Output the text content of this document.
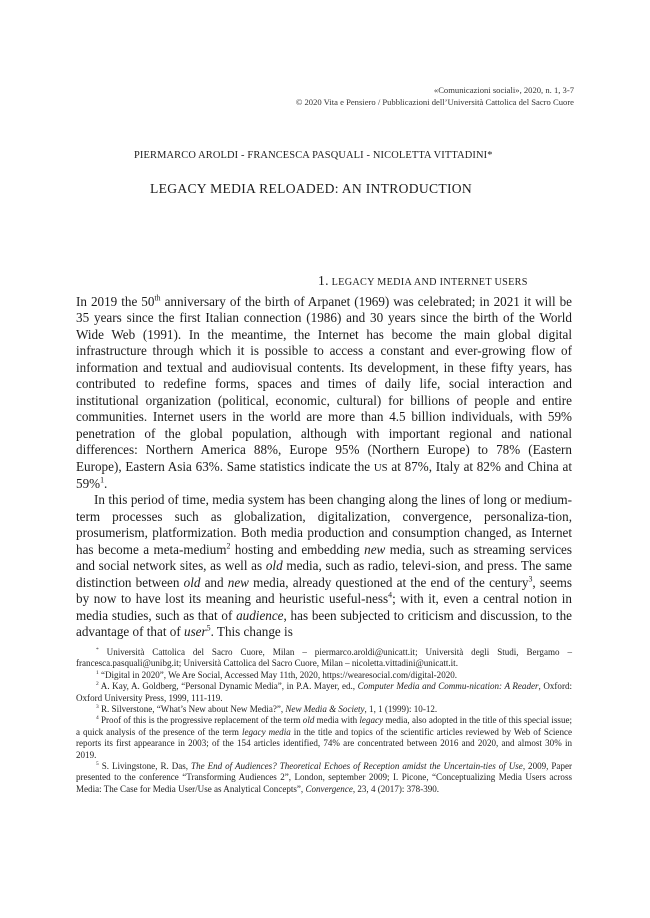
«Comunicazioni sociali», 2020, n. 1, 3-7
© 2020 Vita e Pensiero / Pubblicazioni dell’Università Cattolica del Sacro Cuore
PIERMARCO AROLDI - FRANCESCA PASQUALI - NICOLETTA VITTADINI*
LEGACY MEDIA RELOADED: AN INTRODUCTION
1. LEGACY MEDIA AND INTERNET USERS

In 2019 the 50th anniversary of the birth of Arpanet (1969) was celebrated; in 2021 it will be 35 years since the first Italian connection (1986) and 30 years since the birth of the World Wide Web (1991). In the meantime, the Internet has become the main global digital infrastructure through which it is possible to access a constant and ever-growing flow of information and textual and audiovisual contents. Its development, in these fifty years, has contributed to redefine forms, spaces and times of daily life, social interaction and institutional organization (political, economic, cultural) for billions of people and entire communities. Internet users in the world are more than 4.5 billion individuals, with 59% penetration of the global population, although with important regional and national differences: Northern America 88%, Europe 95% (Northern Europe) to 78% (Eastern Europe), Eastern Asia 63%. Same statistics indicate the US at 87%, Italy at 82% and China at 59%$^1$.

In this period of time, media system has been changing along the lines of long or medium-term processes such as globalization, digitalization, convergence, personaliza-tion, prosumerism, platformization. Both media production and consumption changed, as Internet has become a meta-medium$^2$ hosting and embedding new media, such as streaming services and social network sites, as well as old media, such as radio, televi-sion, and press. The same distinction between old and new media, already questioned at the end of the century$^3$, seems by now to have lost its meaning and heuristic useful-ness$^4$; with it, even a central notion in media studies, such as that of audience, has been subjected to criticism and discussion, to the advantage of that of user$^5$. This change is

* Università Cattolica del Sacro Cuore, Milan – piermarco.aroldi@unicatt.it; Università degli Studi, Bergamo – francesca.pasquali@unibg.it; Università Cattolica del Sacro Cuore, Milan – nicoletta.vittadini@unicatt.it.

$^1$ “Digital in 2020”, We Are Social, Accessed May 11th, 2020, https://wearesocial.com/digital-2020.

$^2$ A. Kay, A. Goldberg, “Personal Dynamic Media”, in P.A. Mayer, ed., Computer Media and Commu-nication: A Reader, Oxford: Oxford University Press, 1999, 111-119.

$^3$ R. Silverstone, “What’s New about New Media?”, New Media & Society, 1, 1 (1999): 10-12.

$^4$ Proof of this is the progressive replacement of the term old media with legacy media, also adopted in the title of this special issue; a quick analysis of the presence of the term legacy media in the title and topics of the scientific articles reviewed by Web of Science reports its first appearance in 2003; of the 154 articles identified, 74% are concentrated between 2016 and 2020, and almost 30% in 2019.

$^5$ S. Livingstone, R. Das, The End of Audiences? Theoretical Echoes of Reception amidst the Uncertain-ties of Use, 2009, Paper presented to the conference “Transforming Audiences 2”, London, september 2009; I. Picone, “Conceptualizing Media Users across Media: The Case for Media User/Use as Analytical Concepts”, Convergence, 23, 4 (2017): 378-390.
